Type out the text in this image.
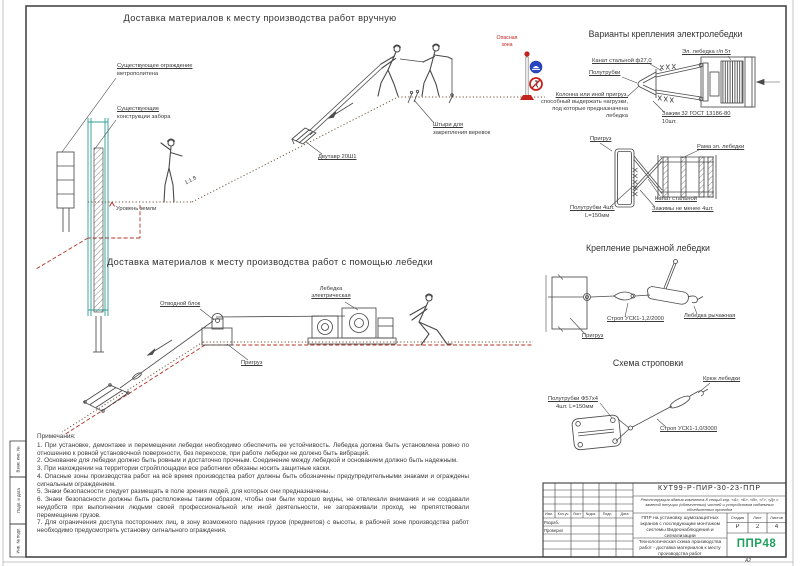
Доставка материалов к месту производства работ вручную
Доставка материалов к месту производства работ с помощью лебедки
Варианты крепления электролебедки
Крепление рычажной лебедки
Схема строповки
Существующее ограждение
метрополитена
Существующие
конструкции забора
Двутавр 20Ш1
Штыри для
закрепления веревок
Уровень земли
1:1.8
Опасная
зона
Отводной блок
Лебедка
электрическая
Пригруз
Канат стальной ф27,0
Полутрубки
Эл. лебедка г/п 5т
Колонна или иной пригруз,
способный выдержать нагрузки,
под которые предназначена
лебедка	Зажим 32 ГОСТ 13186-80
10шт.
Пригруз
Рама эл. лебедки
Канат стальной
Зажимы не менее 4шт.
Полутрубки 4шт.
L=150мм
Строп УСК1-1,2/2000	Лебедка рычажная
Пригруз
Крюк лебедки
Полутрубки Ф57х4
4шт. L=150мм
Строп УСК1-1,0/3000
Примечания:
1. При установке, демонтаже и перемещении лебедки необходимо обеспечить ее устойчивость. Лебедка должна быть установлена ровно по отношению к ровной установочной поверхности, без перекосов, при работе лебедки не должно быть вибраций.
2. Основание для лебедки должно быть ровным и достаточно прочным. Соединение между лебедкой и основанием должно быть надежным.
3. При нахождении на территории стройплощадки все работники обязаны носить защитные каски.
4. Опасные зоны производства работ на всё время производства работ должны быть обозначены предупредительными знаками и ограждены сигнальным ограждением.
5. Знаки безопасности следует размещать в поле зрения людей, для которых они предназначены.
6. Знаки безопасности должны быть расположены таким образом, чтобы они были хорошо видны, не отвлекали внимания и не создавали неудобств при выполнении людьми своей профессиональной или иной деятельности, не загораживали проход, не препятствовали перемещение грузов.
7. Для ограничения доступа посторонних лиц, в зону возможного падения грузов (предметов) с высоты, в рабочей зоне производства работ необходимо предусмотреть установку сигнального ограждения.
КУТ99-Р-ПИР-30-23-ППР
Реконструкция здания комплекса 8 секций кор. «А», «Б», «В», «Г», «Д» с заменой несущих (облегченных) частей и устройством надземных объединенных проездов
ППР на установку шумозащитных экранов с последующим монтажом системы Видеонаблюдения и сигнализации
Технологическая схема производства работ - доставка материалов к месту производства работ
Стадия	Лист	Листов
Р	2	4
ППР48
Изм.	Кол.уч	Лист	№док.	Подп.	Дата
Разраб.
Проверил
А2
Взам. инв. №
Подп. и дата
Инв. № подл.
